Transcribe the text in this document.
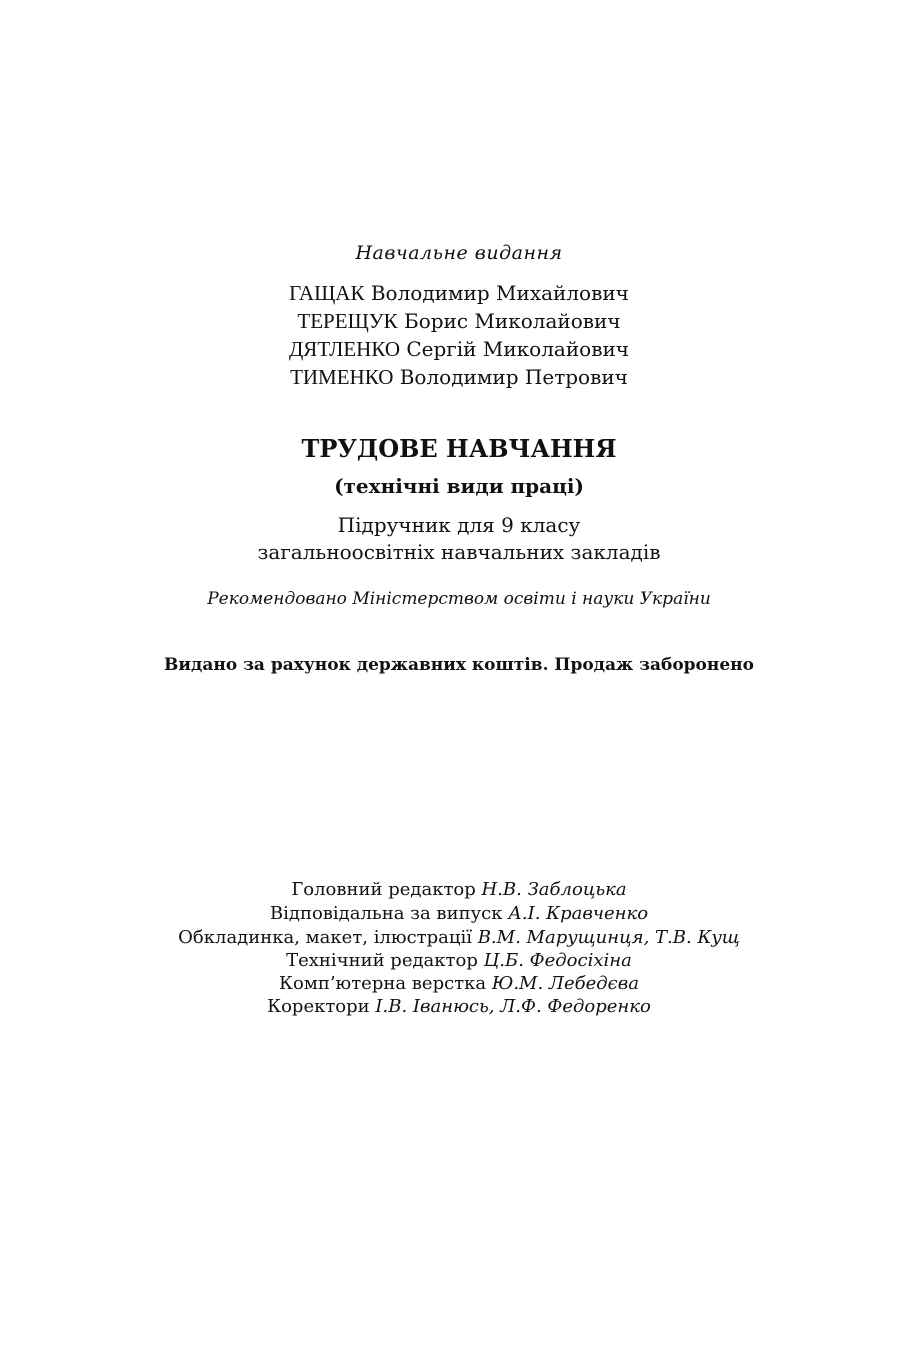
Навчальне видання
ГАЩАК Володимир Михайлович
ТЕРЕЩУК Борис Миколайович
ДЯТЛЕНКО Сергій Миколайович
ТИМЕНКО Володимир Петрович
ТРУДОВЕ НАВЧАННЯ
(технічні види праці)
Підручник для 9 класу
загальноосвітніх навчальних закладів
Рекомендовано Міністерством освіти і науки України
Видано за рахунок державних коштів. Продаж заборонено
Головний редактор Н.В. Заблоцька
Відповідальна за випуск А.І. Кравченко
Обкладинка, макет, ілюстрації В.М. Марущинця, Т.В. Кущ
Технічний редактор Ц.Б. Федосіхіна
Комп’ютерна верстка Ю.М. Лебедєва
Коректори І.В. Іванюсь, Л.Ф. Федоренко
